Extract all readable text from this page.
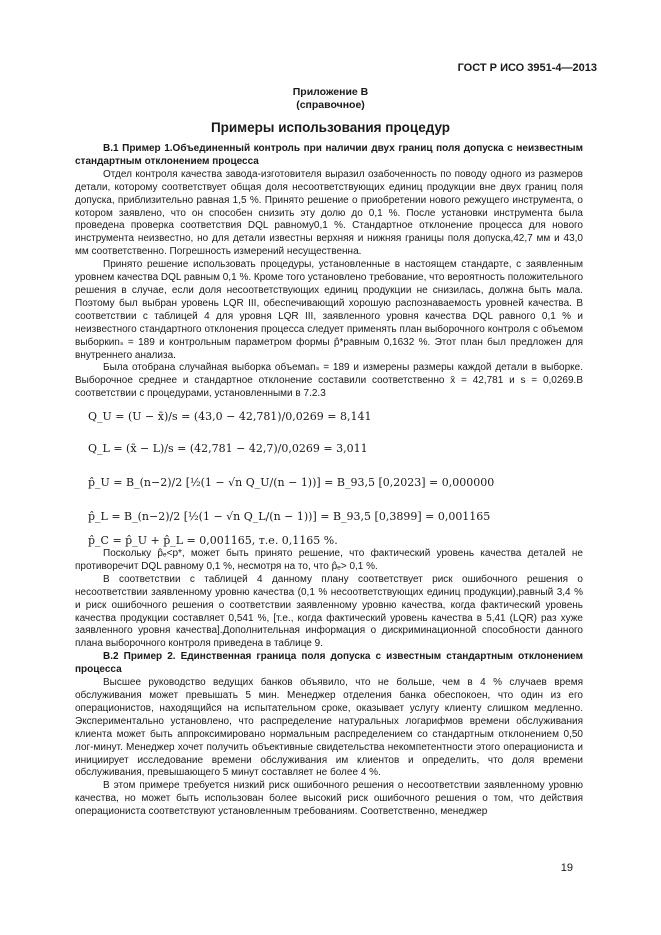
ГОСТ Р ИСО 3951-4—2013
Приложение В
(справочное)
Примеры использования процедур

В.1 Пример 1.Объединенный контроль при наличии двух границ поля допуска с неизвестным стандартным отклонением процесса

Отдел контроля качества завода-изготовителя выразил озабоченность по поводу одного из размеров детали, которому соответствует общая доля несоответствующих единиц продукции вне двух границ поля допуска, приблизительно равная 1,5 %. Принято решение о приобретении нового режущего инструмента, о котором заявлено, что он способен снизить эту долю до 0,1 %. После установки инструмента была проведена проверка соответствия DQL равному0,1 %. Стандартное отклонение процесса для нового инструмента неизвестно, но для детали известны верхняя и нижняя границы поля допуска,42,7 мм и 43,0 мм соответственно. Погрешность измерений несущественна.

Принято решение использовать процедуры, установленные в настоящем стандарте, с заявленным уровнем качества DQL равным 0,1 %. Кроме того установлено требование, что вероятность положительного решения в случае, если доля несоответствующих единиц продукции не снизилась, должна быть мала. Поэтому был выбран уровень LQR III, обеспечивающий хорошую распознаваемость уровней качества. В соответствии с таблицей 4 для уровня LQR III, заявленного уровня качества DQL равного 0,1 % и неизвестного стандартного отклонения процесса следует применять план выборочного контроля с объемом выборкиnₛ = 189 и контрольным параметром формы p̂*равным 0,1632 %. Этот план был предложен для внутреннего анализа.

Была отобрана случайная выборка объемаnₛ = 189 и измерены размеры каждой детали в выборке. Выборочное среднее и стандартное отклонение составили соответственно x̄ = 42,781 и s = 0,0269.В соответствии с процедурами, установленными в 7.2.3

Q_U = (U − x̄)/s = (43,0 − 42,781)/0,0269 = 8,141
Q_L = (x̄ − L)/s = (42,781 − 42,7)/0,0269 = 3,011
p̂_U = B_(n−2)/2 [½(1 − √n Q_U/(n − 1))] = B_93,5 [0,2023] = 0,000000
p̂_L = B_(n−2)/2 [½(1 − √n Q_L/(n − 1))] = B_93,5 [0,3899] = 0,001165
p̂_C = p̂_U + p̂_L = 0,001165, т.е. 0,1165 %.

Поскольку p̂ₑ<p*, может быть принято решение, что фактический уровень качества деталей не противоречит DQL равному 0,1 %, несмотря на то, что p̂ₑ> 0,1 %.

В соответствии с таблицей 4 данному плану соответствует риск ошибочного решения о несоответствии заявленному уровню качества (0,1 % несоответствующих единиц продукции),равный 3,4 % и риск ошибочного решения о соответствии заявленному уровню качества, когда фактический уровень качества продукции составляет 0,541 %, [т.е., когда фактический уровень качества в 5,41 (LQR) раз хуже заявленного уровня качества].Дополнительная информация о дискриминационной способности данного плана выборочного контроля приведена в таблице 9.

В.2 Пример 2. Единственная граница поля допуска с известным стандартным отклонением процесса

Высшее руководство ведущих банков объявило, что не больше, чем в 4 % случаев время обслуживания может превышать 5 мин. Менеджер отделения банка обеспокоен, что один из его операционистов, находящийся на испытательном сроке, оказывает услугу клиенту слишком медленно. Экспериментально установлено, что распределение натуральных логарифмов времени обслуживания клиента может быть аппроксимировано нормальным распределением со стандартным отклонением 0,50 лог-минут. Менеджер хочет получить объективные свидетельства некомпетентности этого операциониста и инициирует исследование времени обслуживания им клиентов и определить, что доля времени обслуживания, превышающего 5 минут составляет не более 4 %.

В этом примере требуется низкий риск ошибочного решения о несоответствии заявленному уровню качества, но может быть использован более высокий риск ошибочного решения о том, что действия операциониста соответствуют установленным требованиям. Соответственно, менеджер

19
